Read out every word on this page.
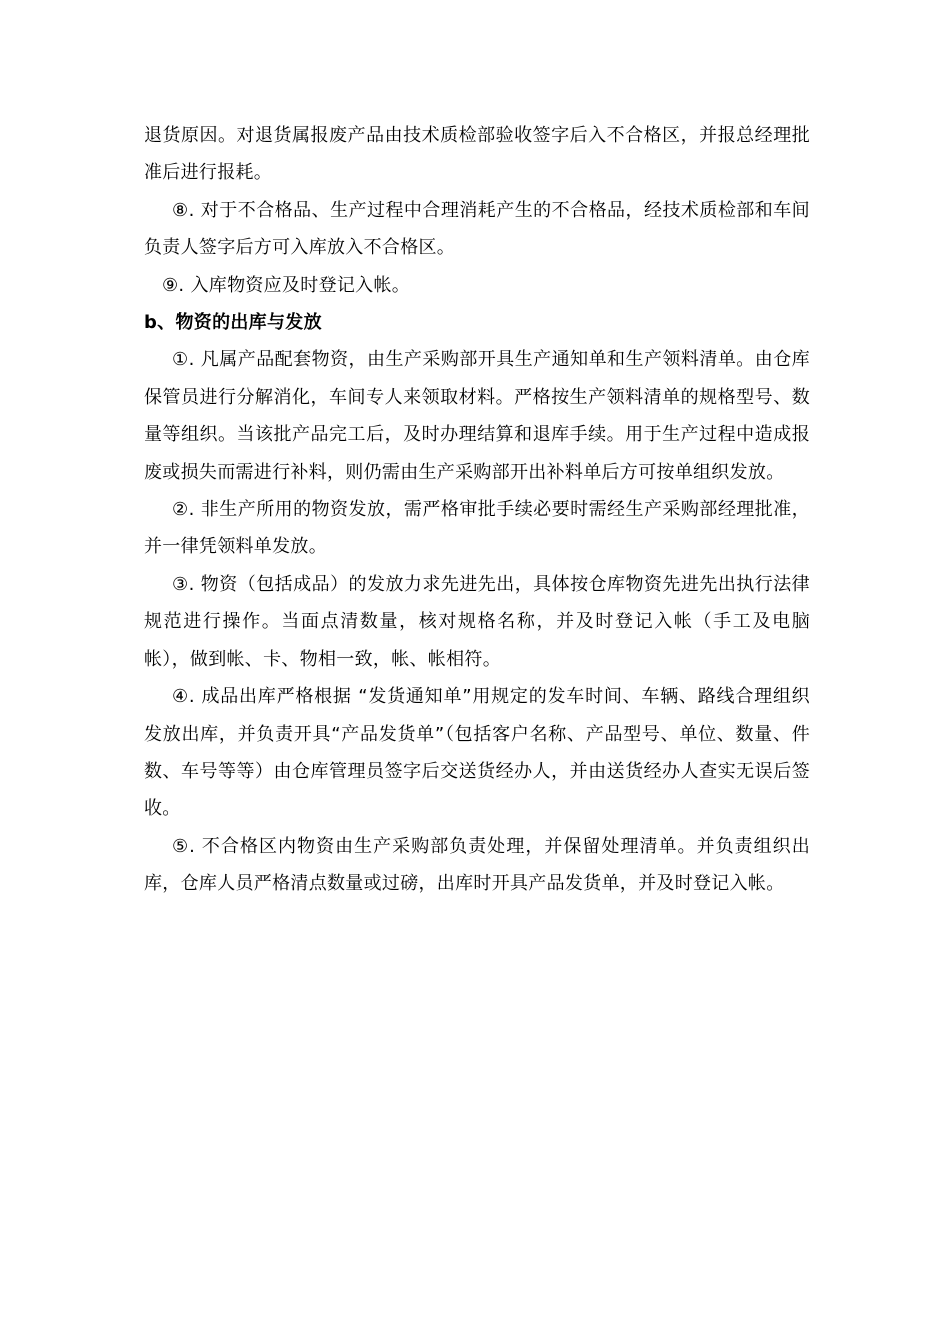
退货原因。对退货属报废产品由技术质检部验收签字后入不合格区，并报总经理批准后进行报耗。

⑧. 对于不合格品、生产过程中合理消耗产生的不合格品，经技术质检部和车间负责人签字后方可入库放入不合格区。

⑨. 入库物资应及时登记入帐。

b、物资的出库与发放

①. 凡属产品配套物资，由生产采购部开具生产通知单和生产领料清单。由仓库保管员进行分解消化，车间专人来领取材料。严格按生产领料清单的规格型号、数量等组织。当该批产品完工后，及时办理结算和退库手续。用于生产过程中造成报废或损失而需进行补料，则仍需由生产采购部开出补料单后方可按单组织发放。

②. 非生产所用的物资发放，需严格审批手续必要时需经生产采购部经理批准，并一律凭领料单发放。

③. 物资（包括成品）的发放力求先进先出，具体按仓库物资先进先出执行法律规范进行操作。当面点清数量，核对规格名称，并及时登记入帐（手工及电脑帐），做到帐、卡、物相一致，帐、帐相符。

④. 成品出库严格根据 “发货通知单”用规定的发车时间、车辆、路线合理组织发放出库，并负责开具“产品发货单”（包括客户名称、产品型号、单位、数量、件数、车号等等）由仓库管理员签字后交送货经办人，并由送货经办人查实无误后签收。

⑤. 不合格区内物资由生产采购部负责处理，并保留处理清单。并负责组织出库，仓库人员严格清点数量或过磅，出库时开具产品发货单，并及时登记入帐。
